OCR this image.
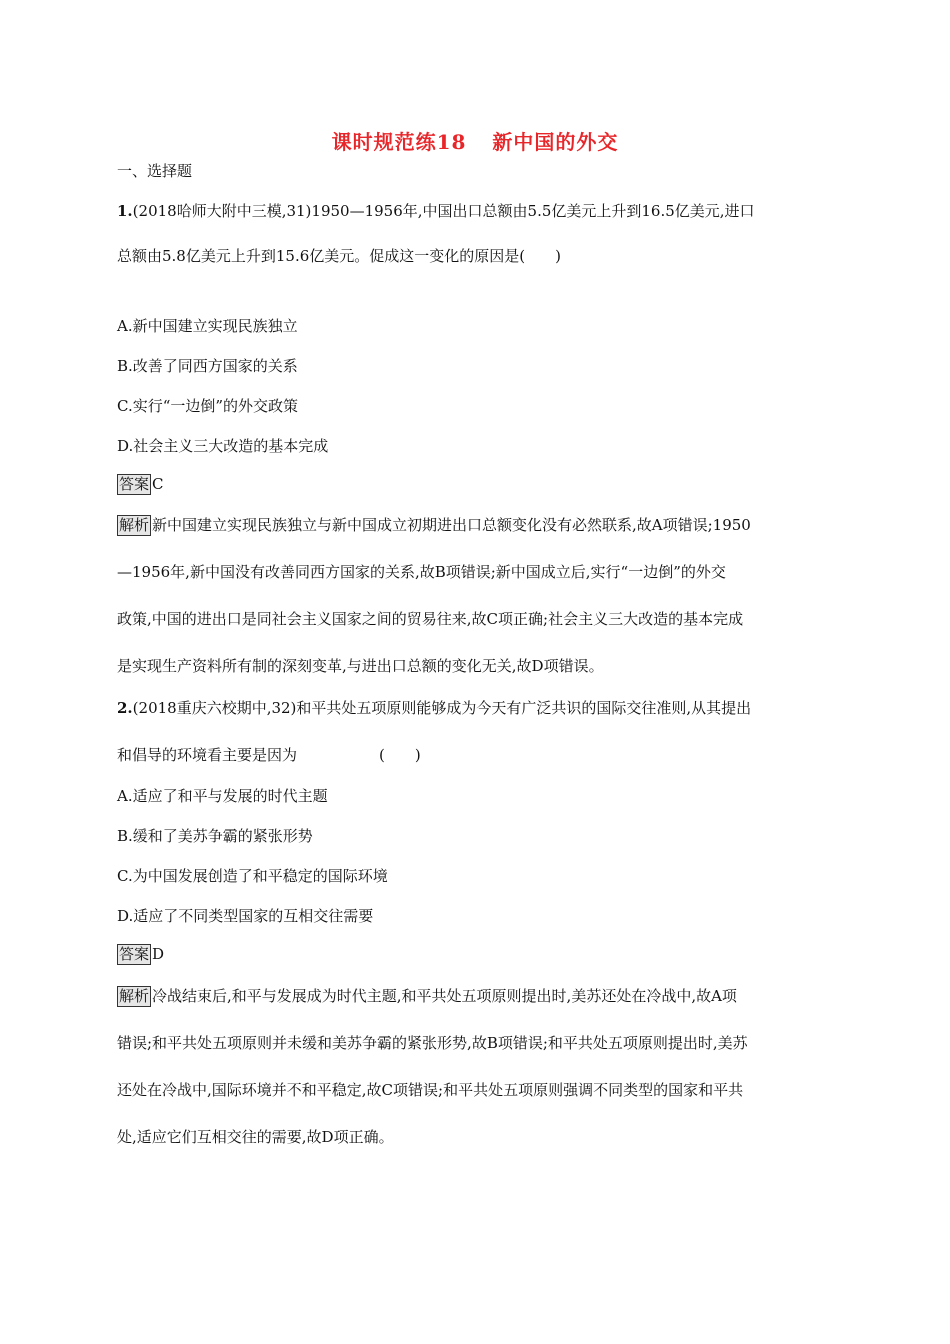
课时规范练18 新中国的外交
一、选择题
1.(2018哈师大附中三模,31)1950—1956年,中国出口总额由5.5亿美元上升到16.5亿美元,进口
总额由5.8亿美元上升到15.6亿美元。促成这一变化的原因是(　　)
A.新中国建立实现民族独立
B.改善了同西方国家的关系
C.实行“一边倒”的外交政策
D.社会主义三大改造的基本完成
答案 C
解析 新中国建立实现民族独立与新中国成立初期进出口总额变化没有必然联系,故A项错误;1950
—1956年,新中国没有改善同西方国家的关系,故B项错误;新中国成立后,实行“一边倒”的外交
政策,中国的进出口是同社会主义国家之间的贸易往来,故C项正确;社会主义三大改造的基本完成
是实现生产资料所有制的深刻变革,与进出口总额的变化无关,故D项错误。
2.(2018重庆六校期中,32)和平共处五项原则能够成为今天有广泛共识的国际交往准则,从其提出
和倡导的环境看主要是因为	(　　)
A.适应了和平与发展的时代主题
B.缓和了美苏争霸的紧张形势
C.为中国发展创造了和平稳定的国际环境
D.适应了不同类型国家的互相交往需要
答案 D
解析 冷战结束后,和平与发展成为时代主题,和平共处五项原则提出时,美苏还处在冷战中,故A项
错误;和平共处五项原则并未缓和美苏争霸的紧张形势,故B项错误;和平共处五项原则提出时,美苏
还处在冷战中,国际环境并不和平稳定,故C项错误;和平共处五项原则强调不同类型的国家和平共
处,适应它们互相交往的需要,故D项正确。
